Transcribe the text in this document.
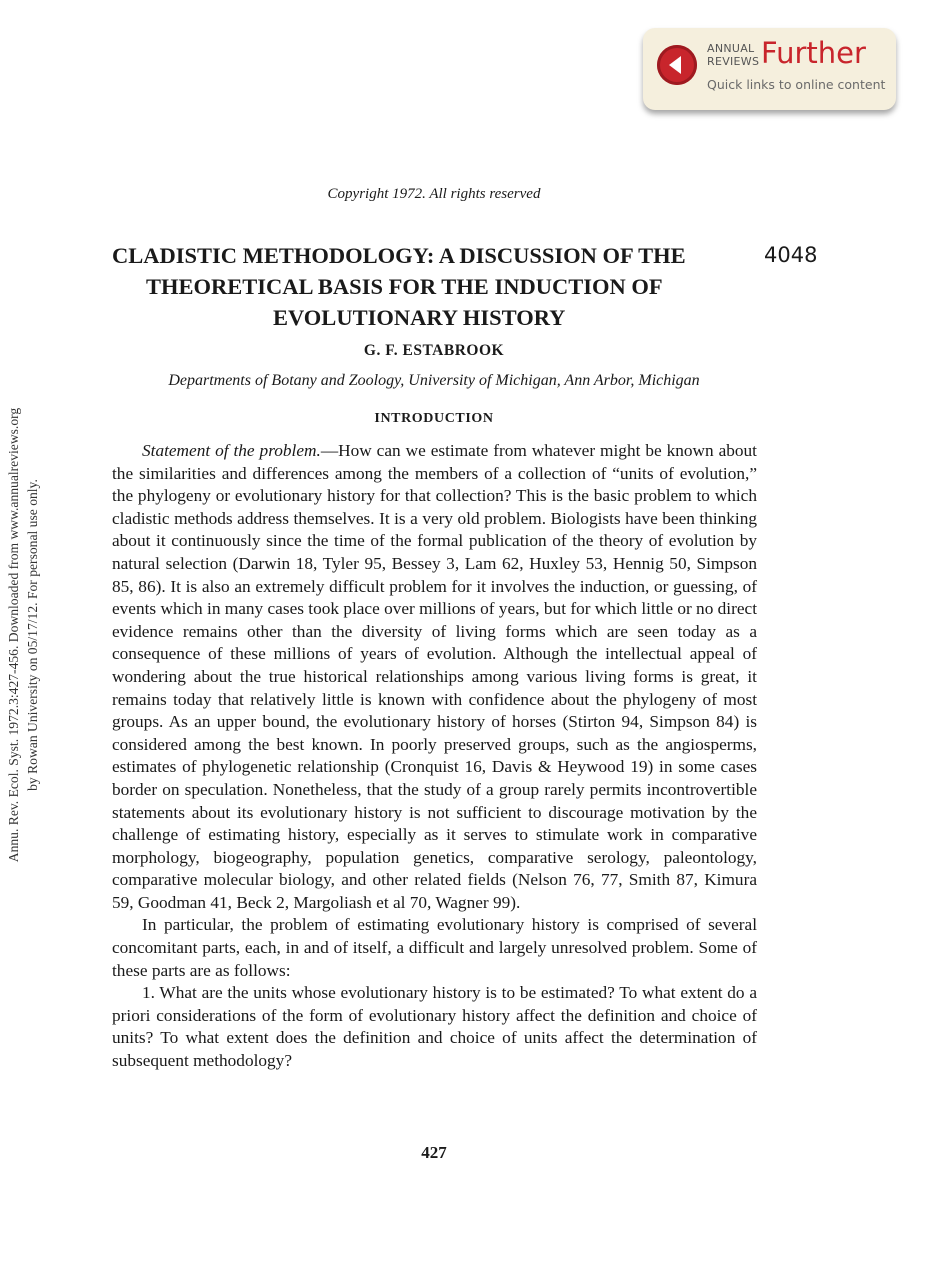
ANNUAL
REVIEWS Further
Quick links to online content
Annu. Rev. Ecol. Syst. 1972.3:427-456. Downloaded from www.annualreviews.org by Rowan University on 05/17/12. For personal use only.
Copyright 1972. All rights reserved
CLADISTIC METHODOLOGY: A DISCUSSION OF THE
THEORETICAL BASIS FOR THE INDUCTION OF
EVOLUTIONARY HISTORY
4048
G. F. ESTABROOK
Departments of Botany and Zoology, University of Michigan, Ann Arbor, Michigan
INTRODUCTION

Statement of the problem.—How can we estimate from whatever might be known about the similarities and differences among the members of a collection of “units of evolution,” the phylogeny or evolutionary history for that collection? This is the basic problem to which cladistic methods address themselves. It is a very old problem. Biologists have been thinking about it continuously since the time of the formal publication of the theory of evolution by natural selection (Darwin 18, Tyler 95, Bessey 3, Lam 62, Huxley 53, Hennig 50, Simpson 85, 86). It is also an extremely difficult problem for it involves the induction, or guessing, of events which in many cases took place over millions of years, but for which little or no direct evidence remains other than the diversity of living forms which are seen today as a consequence of these millions of years of evolution. Although the intellectual appeal of wondering about the true historical relationships among various living forms is great, it remains today that relatively little is known with confidence about the phylogeny of most groups. As an upper bound, the evolutionary history of horses (Stirton 94, Simpson 84) is considered among the best known. In poorly preserved groups, such as the angiosperms, estimates of phylogenetic relationship (Cronquist 16, Davis & Heywood 19) in some cases border on speculation. Nonetheless, that the study of a group rarely permits incontrovertible statements about its evolutionary history is not sufficient to discourage motivation by the challenge of estimating history, especially as it serves to stimulate work in comparative morphology, biogeography, population genetics, comparative serology, paleontology, comparative molecular biology, and other related fields (Nelson 76, 77, Smith 87, Kimura 59, Goodman 41, Beck 2, Margoliash et al 70, Wagner 99).

In particular, the problem of estimating evolutionary history is comprised of several concomitant parts, each, in and of itself, a difficult and largely unresolved problem. Some of these parts are as follows:

1. What are the units whose evolutionary history is to be estimated? To what extent do a priori considerations of the form of evolutionary history affect the definition and choice of units? To what extent does the definition and choice of units affect the determination of subsequent methodology?

427
